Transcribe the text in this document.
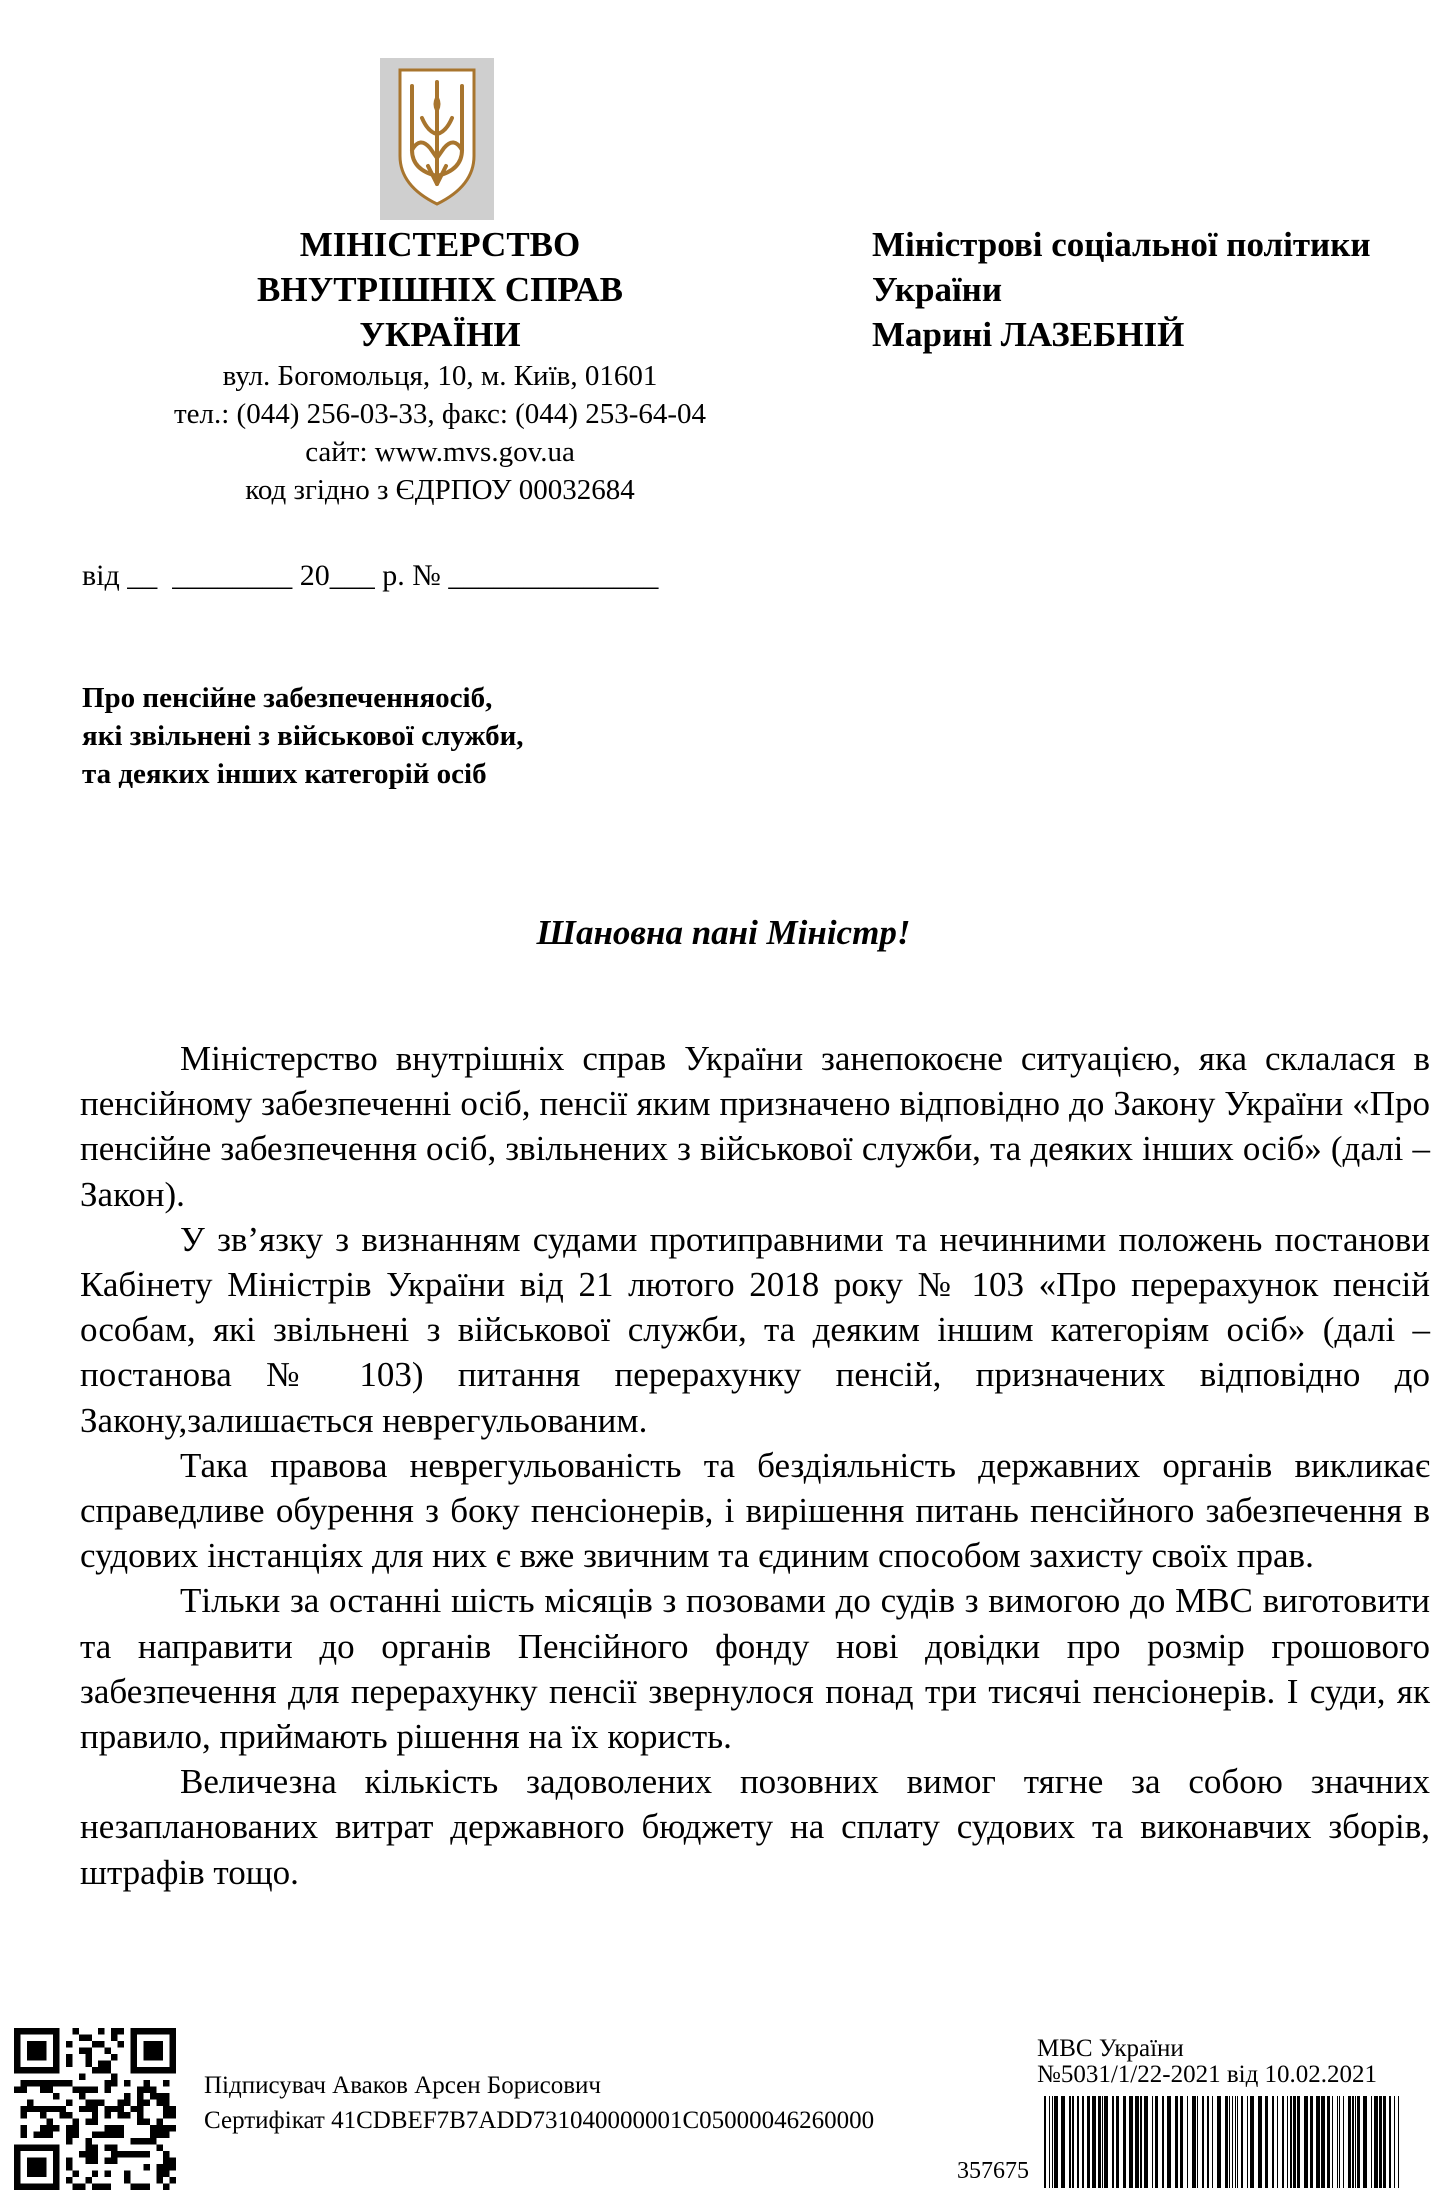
МІНІСТЕРСТВО
ВНУТРІШНІХ СПРАВ
УКРАЇНИ
вул. Богомольця, 10, м. Київ, 01601
тел.: (044) 256-03-33, факс: (044) 253-64-04
сайт: www.mvs.gov.ua
код згідно з ЄДРПОУ 00032684
Міністрові соціальної політики
України
Марині ЛАЗЕБНІЙ
від __  ________ 20___ р. № ______________
Про пенсійне забезпеченняосіб,
які звільнені з військової служби,
та деяких інших категорій осіб
Шановна пані Міністр!

Міністерство внутрішніх справ України занепокоєне ситуацією, яка склалася в пенсійному забезпеченні осіб, пенсії яким призначено відповідно до Закону України «Про пенсійне забезпечення осіб, звільнених з військової служби, та деяких інших осіб» (далі – Закон).

У зв’язку з визнанням судами протиправними та нечинними положень постанови Кабінету Міністрів України від 21 лютого 2018 року № 103 «Про перерахунок пенсій особам, які звільнені з військової служби, та деяким іншим категоріям осіб» (далі – постанова № 103) питання перерахунку пенсій, призначених відповідно до Закону,залишається неврегульованим.

Така правова неврегульованість та бездіяльність державних органів викликає справедливе обурення з боку пенсіонерів, і вирішення питань пенсійного забезпечення в судових інстанціях для них є вже звичним та єдиним способом захисту своїх прав.

Тільки за останні шість місяців з позовами до судів з вимогою до МВС виготовити та направити до органів Пенсійного фонду нові довідки про розмір грошового забезпечення для перерахунку пенсії звернулося понад три тисячі пенсіонерів. І суди, як правило, приймають рішення на їх користь.

Величезна кількість задоволених позовних вимог тягне за собою значних незапланованих витрат державного бюджету на сплату судових та виконавчих зборів, штрафів тощо.

Підписувач Аваков Арсен Борисович
Сертифікат 41CDBEF7B7ADD731040000001C05000046260000
МВС України
№5031/1/22-2021 від 10.02.2021
357675
